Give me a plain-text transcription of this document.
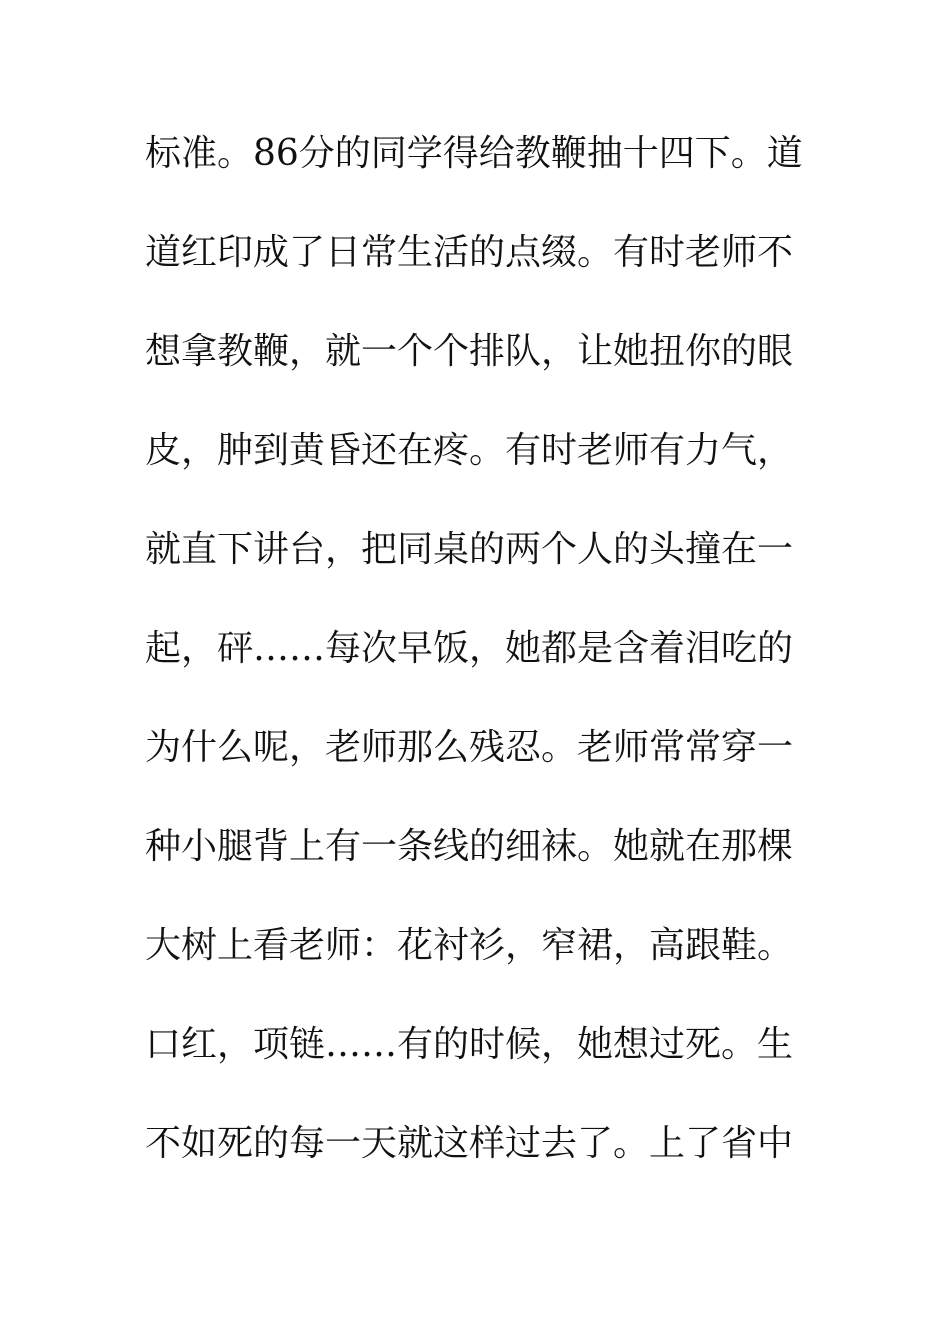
标准。86分的同学得给教鞭抽十四下。道
道红印成了日常生活的点缀。有时老师不
想拿教鞭，就一个个排队，让她扭你的眼
皮，肿到黄昏还在疼。有时老师有力气，
就直下讲台，把同桌的两个人的头撞在一
起，砰……每次早饭，她都是含着泪吃的
为什么呢，老师那么残忍。老师常常穿一
种小腿背上有一条线的细袜。她就在那棵
大树上看老师：花衬衫，窄裙，高跟鞋。
口红，项链……有的时候，她想过死。生
不如死的每一天就这样过去了。上了省中
